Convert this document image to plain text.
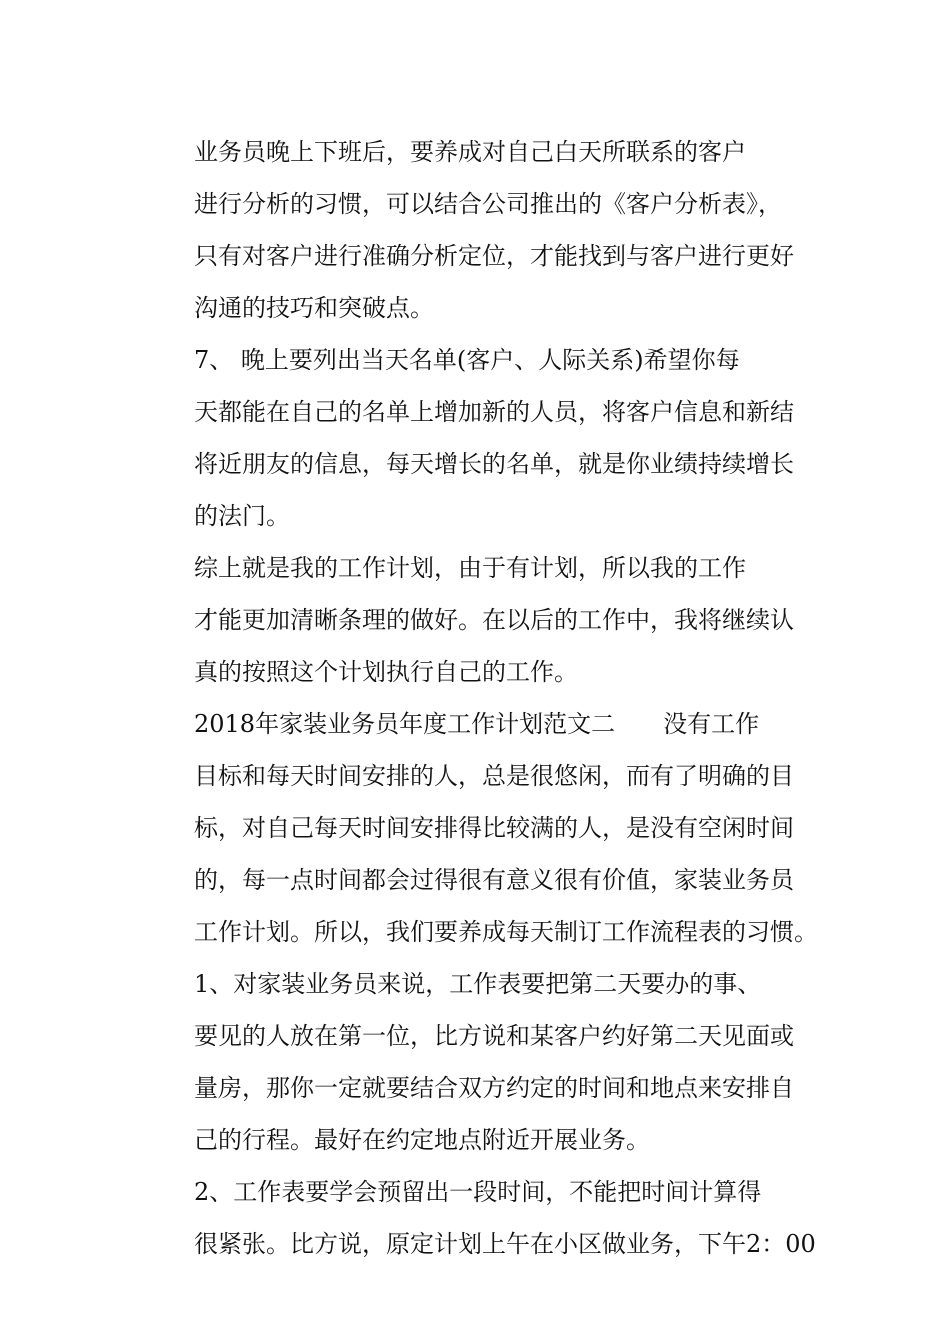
业务员晚上下班后，要养成对自己白天所联系的客户
进行分析的习惯，可以结合公司推出的《客户分析表》，
只有对客户进行准确分析定位，才能找到与客户进行更好
沟通的技巧和突破点。

7、 晚上要列出当天名单(客户、人际关系)希望你每
天都能在自己的名单上增加新的人员，将客户信息和新结
将近朋友的信息，每天增长的名单，就是你业绩持续增长
的法门。

综上就是我的工作计划，由于有计划，所以我的工作
才能更加清晰条理的做好。在以后的工作中，我将继续认
真的按照这个计划执行自己的工作。

2018年家装业务员年度工作计划范文二　　没有工作
目标和每天时间安排的人，总是很悠闲，而有了明确的目
标，对自己每天时间安排得比较满的人，是没有空闲时间
的，每一点时间都会过得很有意义很有价值，家装业务员
工作计划。所以，我们要养成每天制订工作流程表的习惯。

1、对家装业务员来说，工作表要把第二天要办的事、
要见的人放在第一位，比方说和某客户约好第二天见面或
量房，那你一定就要结合双方约定的时间和地点来安排自
己的行程。最好在约定地点附近开展业务。

2、工作表要学会预留出一段时间，不能把时间计算得
很紧张。比方说，原定计划上午在小区做业务，下午2：00
